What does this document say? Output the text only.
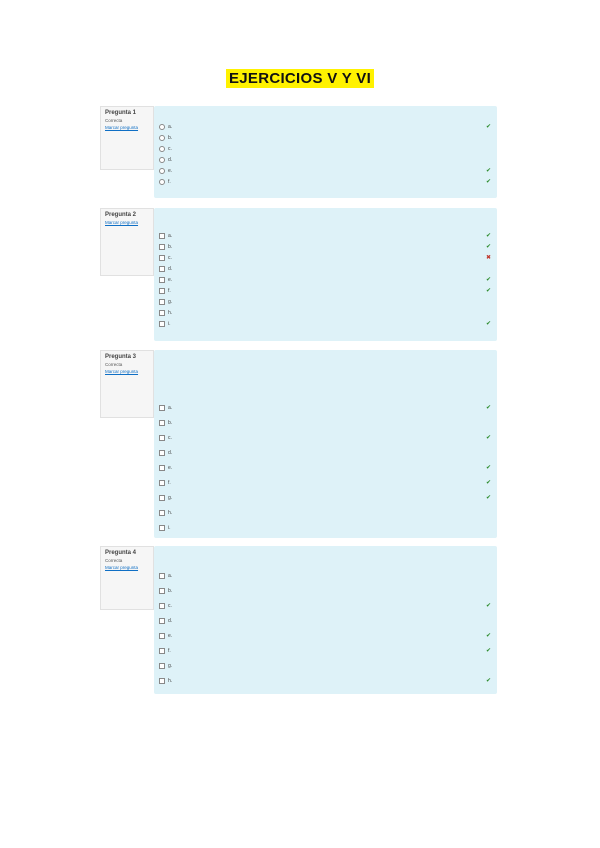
EJERCICIOS V Y VI
Pregunta 1
Correcta
Marcar pregunta	a.	✔
b.
c.
d.
e.	✔
f.	✔
Pregunta 2
Marcar pregunta
a.	✔
b.	✔
c.	✖
d.
e.	✔
f.	✔
g.
h.
i.	✔
Pregunta 3
Correcta
Marcar pregunta
a.	✔
b.
c.	✔
d.
e.	✔
f.	✔
g.	✔
h.
i.
Pregunta 4
Correcta
Marcar pregunta
a.
b.
c.	✔
d.
e.	✔
f.	✔
g.
h.	✔
